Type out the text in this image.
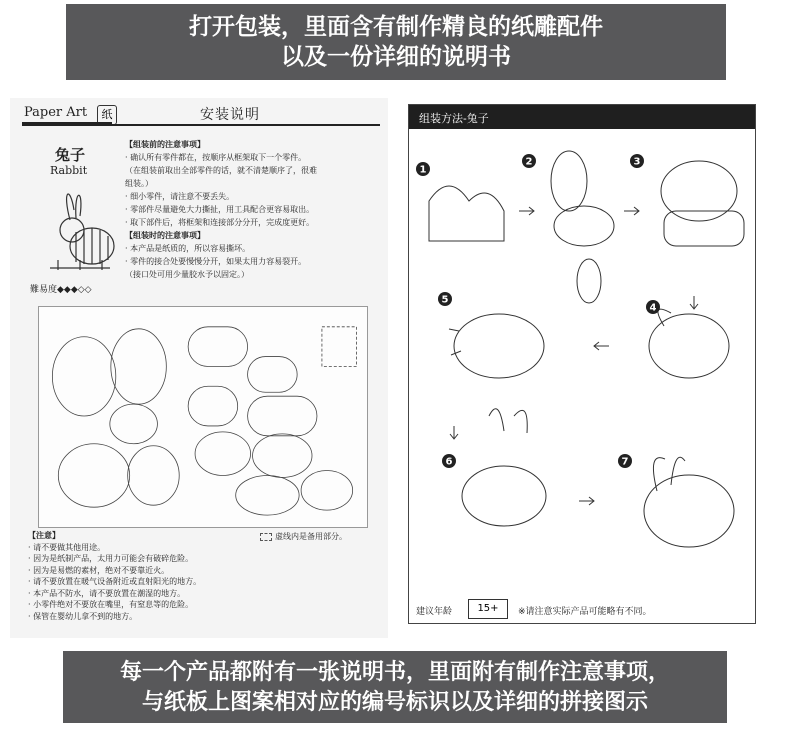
打开包装，里面含有制作精良的纸雕配件
以及一份详细的说明书
Paper Art	纸	安装说明
兔子
Rabbit
難易度◆◆◆◇◇
【组装前的注意事项】
· 确认所有零件都在，按顺序从框架取下一个零件。
（在组装前取出全部零件的话，就不清楚顺序了，很难
组装。）
· 细小零件，请注意不要丢失。
· 零部件尽量避免大力撕扯，用工具配合更容易取出。
· 取下部件后，将框架和连接部分分开，完成度更好。
【组装时的注意事项】
· 本产品是纸质的，所以容易撕坏。
· 零件的接合处要慢慢分开，如果太用力容易裂开。
（接口处可用少量胶水予以固定。）
虚线内是备用部分。
【注意】
· 请不要做其他用途。
· 因为是纸制产品，太用力可能会有破碎危险。
· 因为是易燃的素材，绝对不要靠近火。
· 请不要放置在暖气设备附近或直射阳光的地方。
· 本产品不防水，请不要放置在潮湿的地方。
· 小零件绝对不要放在嘴里，有窒息等的危险。
· 保管在婴幼儿拿不到的地方。
组装方法-兔子
1
2	3
4
5
6	7
建议年龄	15+	※请注意实际产品可能略有不同。
每一个产品都附有一张说明书，里面附有制作注意事项，
与纸板上图案相对应的编号标识以及详细的拼接图示
